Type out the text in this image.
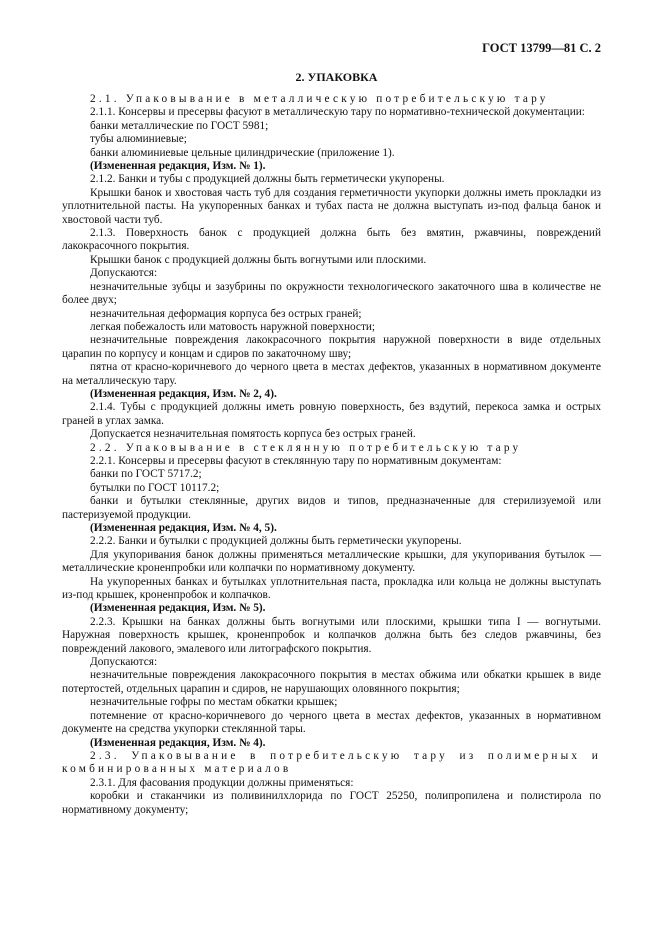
ГОСТ 13799—81 С. 2
2. УПАКОВКА

2.1. Упаковывание в металлическую потребительскую тару

2.1.1. Консервы и пресервы фасуют в металлическую тару по нормативно-технической документации:

банки металлические по ГОСТ 5981;

тубы алюминиевые;

банки алюминиевые цельные цилиндрические (приложение 1).

(Измененная редакция, Изм. № 1).

2.1.2. Банки и тубы с продукцией должны быть герметически укупорены.

Крышки банок и хвостовая часть туб для создания герметичности укупорки должны иметь прокладки из уплотнительной пасты. На укупоренных банках и тубах паста не должна выступать из-под фальца банок и хвостовой части туб.

2.1.3. Поверхность банок с продукцией должна быть без вмятин, ржавчины, повреждений лакокрасочного покрытия.

Крышки банок с продукцией должны быть вогнутыми или плоскими.

Допускаются:

незначительные зубцы и зазубрины по окружности технологического закаточного шва в количестве не более двух;

незначительная деформация корпуса без острых граней;

легкая побежалость или матовость наружной поверхности;

незначительные повреждения лакокрасочного покрытия наружной поверхности в виде отдельных царапин по корпусу и концам и сдиров по закаточному шву;

пятна от красно-коричневого до черного цвета в местах дефектов, указанных в нормативном документе на металлическую тару.

(Измененная редакция, Изм. № 2, 4).

2.1.4. Тубы с продукцией должны иметь ровную поверхность, без вздутий, перекоса замка и острых граней в углах замка.

Допускается незначительная помятость корпуса без острых граней.

2.2. Упаковывание в стеклянную потребительскую тару

2.2.1. Консервы и пресервы фасуют в стеклянную тару по нормативным документам:

банки по ГОСТ 5717.2;

бутылки по ГОСТ 10117.2;

банки и бутылки стеклянные, других видов и типов, предназначенные для стерилизуемой или пастеризуемой продукции.

(Измененная редакция, Изм. № 4, 5).

2.2.2. Банки и бутылки с продукцией должны быть герметически укупорены.

Для укупоривания банок должны применяться металлические крышки, для укупоривания бутылок — металлические кроненпробки или колпачки по нормативному документу.

На укупоренных банках и бутылках уплотнительная паста, прокладка или кольца не должны выступать из-под крышек, кроненпробок и колпачков.

(Измененная редакция, Изм. № 5).

2.2.3. Крышки на банках должны быть вогнутыми или плоскими, крышки типа I — вогнутыми. Наружная поверхность крышек, кроненпробок и колпачков должна быть без следов ржавчины, без повреждений лакового, эмалевого или литографского покрытия.

Допускаются:

незначительные повреждения лакокрасочного покрытия в местах обжима или обкатки крышек в виде потертостей, отдельных царапин и сдиров, не нарушающих оловянного покрытия;

незначительные гофры по местам обкатки крышек;

потемнение от красно-коричневого до черного цвета в местах дефектов, указанных в нормативном документе на средства укупорки стеклянной тары.

(Измененная редакция, Изм. № 4).

2.3. Упаковывание в потребительскую тару из полимерных и комбинированных материалов

2.3.1. Для фасования продукции должны применяться:

коробки и стаканчики из поливинилхлорида по ГОСТ 25250, полипропилена и полистирола по нормативному документу;
